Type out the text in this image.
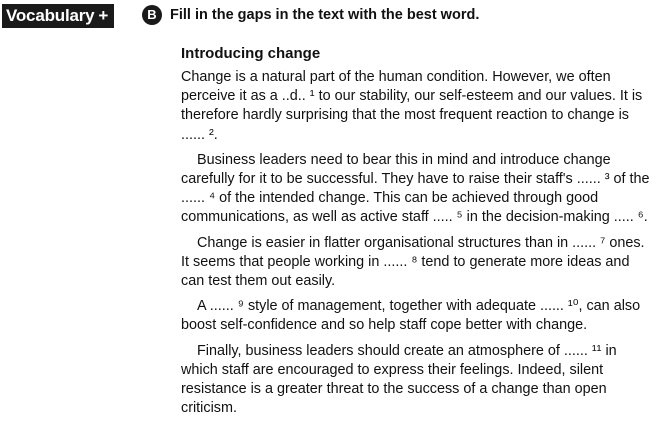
Vocabulary +	B Fill in the gaps in the text with the best word.
Introducing change

Change is a natural part of the human condition. However, we often
perceive it as a ..d.. ¹ to our stability, our self-esteem and our values. It is
therefore hardly surprising that the most frequent reaction to change is
...... ².

Business leaders need to bear this in mind and introduce change
carefully for it to be successful. They have to raise their staff's ...... ³ of the
...... ⁴ of the intended change. This can be achieved through good
communications, as well as active staff ..... ⁵ in the decision-making ..... ⁶.

Change is easier in flatter organisational structures than in ...... ⁷ ones.
It seems that people working in ...... ⁸ tend to generate more ideas and
can test them out easily.

A ...... ⁹ style of management, together with adequate ...... ¹⁰, can also
boost self-confidence and so help staff cope better with change.

Finally, business leaders should create an atmosphere of ...... ¹¹ in
which staff are encouraged to express their feelings. Indeed, silent
resistance is a greater threat to the success of a change than open
criticism.
